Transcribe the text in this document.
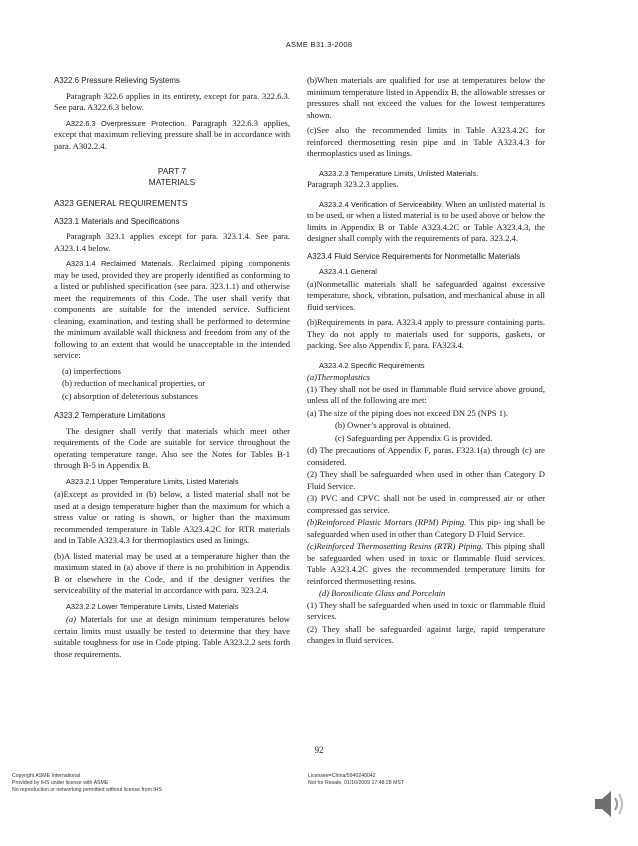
ASME B31.3-2008
A322.6 Pressure Relieving Systems

Paragraph 322.6 applies in its entirety, except for para. 322.6.3. See para. A322.6.3 below.

A322.6.3 Overpressure Protection. Paragraph 322.6.3 applies, except that maximum relieving pressure shall be in accordance with para. A302.2.4.

PART 7
MATERIALS
A323 GENERAL REQUIREMENTS
A323.1 Materials and Specifications

Paragraph 323.1 applies except for para. 323.1.4. See para. A323.1.4 below.

A323.1.4 Reclaimed Materials. Reclaimed piping components may be used, provided they are properly identified as conforming to a listed or published specification (see para. 323.1.1) and otherwise meet the requirements of this Code. The user shall verify that components are suitable for the intended service. Sufficient cleaning, examination, and testing shall be performed to determine the minimum available wall thickness and freedom from any of the following to an extent that would be unacceptable in the intended service:

(a) imperfections
(b) reduction of mechanical properties, or
(c) absorption of deleterious substances
A323.2 Temperature Limitations

The designer shall verify that materials which meet other requirements of the Code are suitable for service throughout the operating temperature range. Also see the Notes for Tables B-1 through B-5 in Appendix B.

A323.2.1 Upper Temperature Limits, Listed Materials

(a)Except as provided in (b) below, a listed material shall not be used at a design temperature higher than the maximum for which a stress value or rating is shown, or higher than the maximum recommended temperature in Table A323.4.2C for RTR materials and in Table A323.4.3 for thermoplastics used as linings.

(b)A listed material may be used at a temperature higher than the maximum stated in (a) above if there is no prohibition in Appendix B or elsewhere in the Code, and if the designer verifies the serviceability of the material in accordance with para. 323.2.4.

A323.2.2 Lower Temperature Limits, Listed Materials

(a) Materials for use at design minimum temperatures below certain limits must usually be tested to determine that they have suitable toughness for use in Code piping. Table A323.2.2 sets forth those requirements.

(b)When materials are qualified for use at temperatures below the minimum temperature listed in Appendix B, the allowable stresses or pressures shall not exceed the values for the lowest temperatures shown.

(c)See also the recommended limits in Table A323.4.2C for reinforced thermosetting resin pipe and in Table A323.4.3 for thermoplastics used as linings.

A323.2.3 Temperature Limits, Unlisted Materials.

Paragraph 323.2.3 applies.

A323.2.4 Verification of Serviceability. When an unlisted material is to be used, or when a listed material is to be used above or below the limits in Appendix B or Table A323.4.2C or Table A323.4.3, the designer shall comply with the requirements of para. 323.2.4.

A323.4 Fluid Service Requirements for Nonmetallic Materials
A323.4.1 General

(a)Nonmetallic materials shall be safeguarded against excessive temperature, shock, vibration, pulsation, and mechanical abuse in all fluid services.

(b)Requirements in para. A323.4 apply to pressure containing parts. They do not apply to materials used for supports, gaskets, or packing. See also Appendix F, para. FA323.4.

A323.4.2 Specific Requirements
(a)Thermoplastics

(1) They shall not be used in flammable fluid service above ground, unless all of the following are met:

(a) The size of the piping does not exceed DN 25 (NPS 1).

(b) Owner’s approval is obtained.

(c) Safeguarding per Appendix G is provided.

(d) The precautions of Appendix F, paras. F323.1(a) through (c) are considered.

(2) They shall be safeguarded when used in other than Category D Fluid Service.

(3) PVC and CPVC shall not be used in compressed air or other compressed gas service.

(b)Reinforced Plastic Mortars (RPM) Piping. This pip- ing shall be safeguarded when used in other than Category D Fluid Service.

(c)Reinforced Thermosetting Resins (RTR) Piping. This piping shall be safeguarded when used in toxic or flammable fluid services. Table A323.4.2C gives the recommended temperature limits for reinforced thermosetting resins.

(d) Borosilicate Glass and Porcelain

(1) They shall be safeguarded when used in toxic or flammable fluid services.

(2) They shall be safeguarded against large, rapid temperature changes in fluid services.

92
Copyright ASME International
Provided by IHS under license with ASME
No reproduction or networking permitted without license from IHS
Licensee=China/5940240042
Not for Resale, 01/16/2009 17:48:28 MST
